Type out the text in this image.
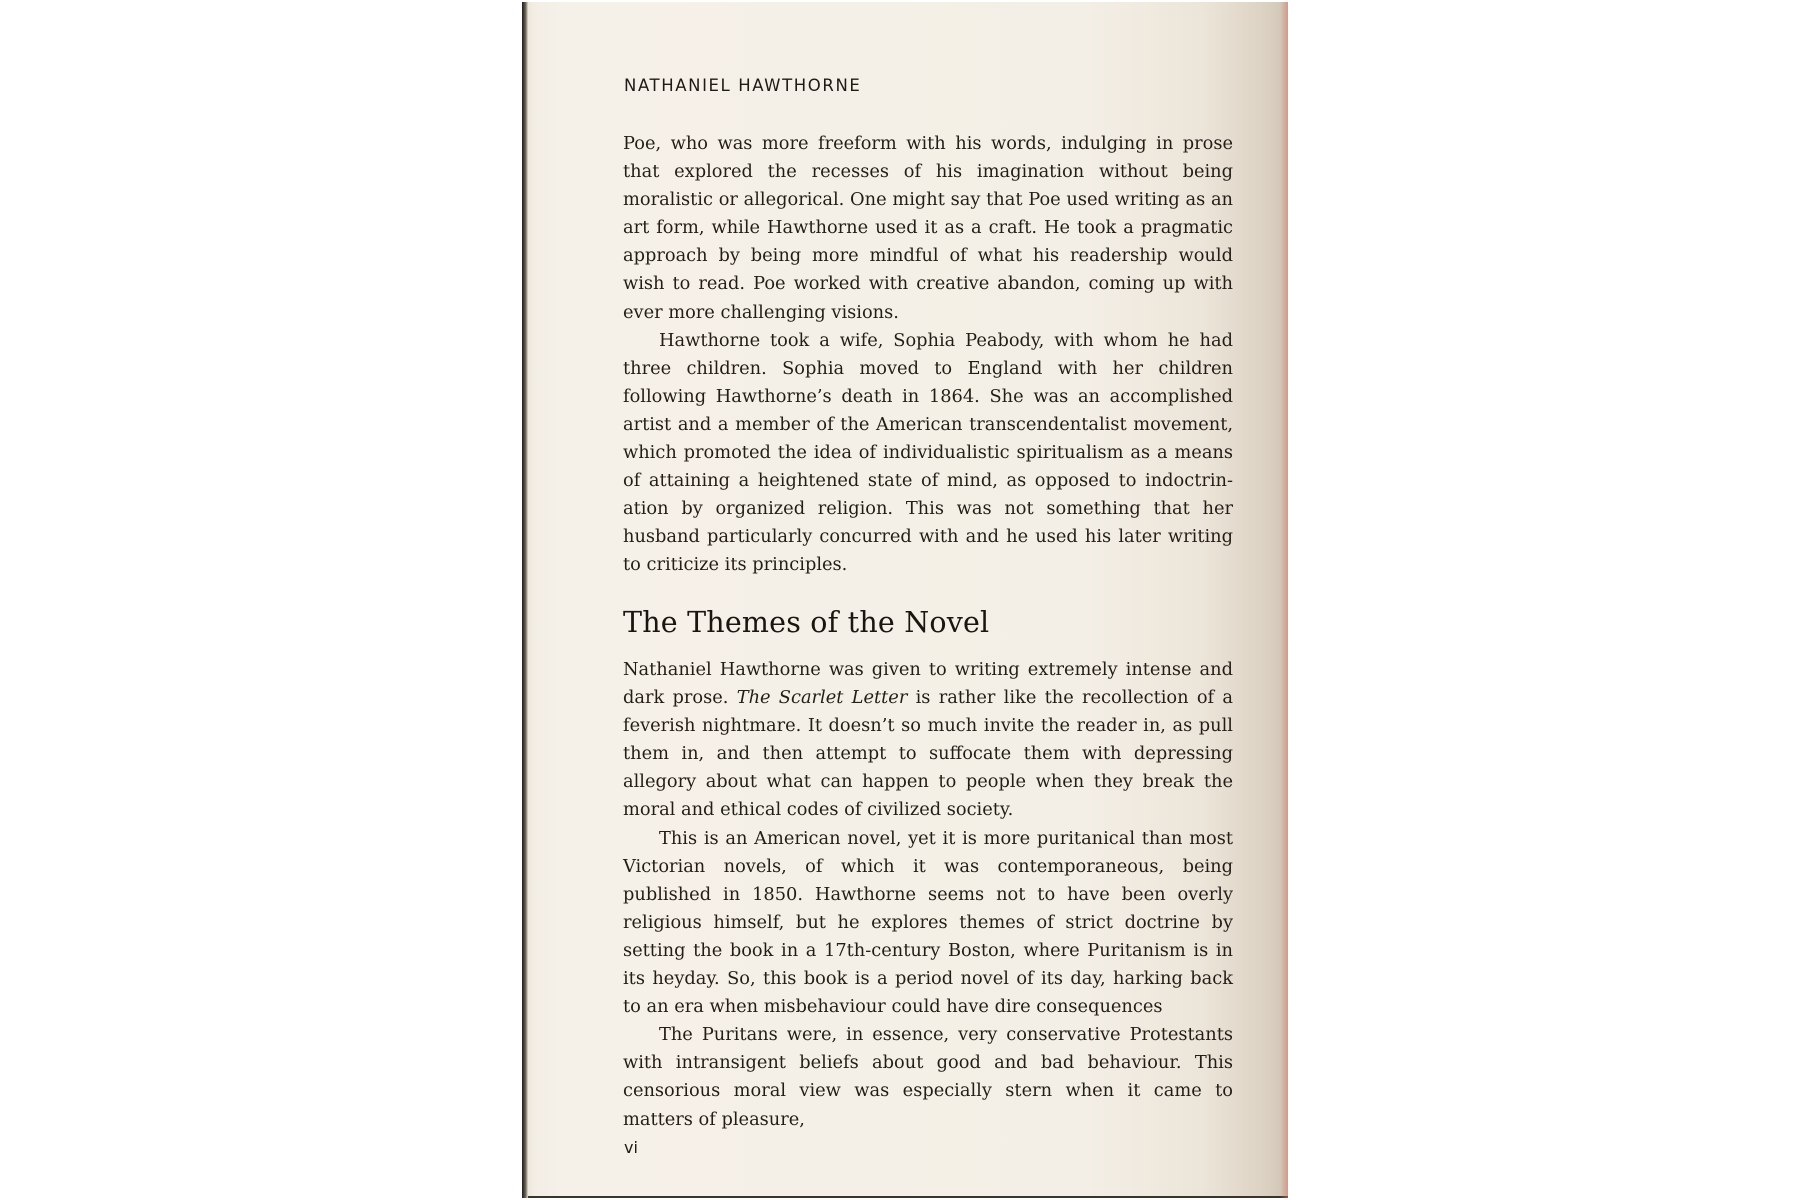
NATHANIEL HAWTHORNE

Poe, who was more freeform with his words, indulging in prose that explored the recesses of his imagination without being moralistic or allegorical. One might say that Poe used writing as an art form, while Hawthorne used it as a craft. He took a pragmatic approach by being more mindful of what his readership would wish to read. Poe worked with creative abandon, coming up with ever more challenging visions.

Hawthorne took a wife, Sophia Peabody, with whom he had three children. Sophia moved to England with her children following Hawthorne’s death in 1864. She was an accomplished artist and a member of the American transcendentalist movement, which promoted the idea of individualistic spiritualism as a means of attaining a heightened state of mind, as opposed to indoctrination by organized religion. This was not something that her husband particularly concurred with and he used his later writing to criticize its principles.

The Themes of the Novel

Nathaniel Hawthorne was given to writing extremely intense and dark prose. The Scarlet Letter is rather like the recollection of a feverish nightmare. It doesn’t so much invite the reader in, as pull them in, and then attempt to suffocate them with depressing allegory about what can happen to people when they break the moral and ethical codes of civilized society.

This is an American novel, yet it is more puritanical than most Victorian novels, of which it was contemporaneous, being published in 1850. Hawthorne seems not to have been overly religious himself, but he explores themes of strict doctrine by setting the book in a 17th-century Boston, where Puritanism is in its heyday. So, this book is a period novel of its day, harking back to an era when misbehaviour could have dire consequences

The Puritans were, in essence, very conservative Protestants with intransigent beliefs about good and bad behaviour. This censorious moral view was especially stern when it came to matters of pleasure,

vi
